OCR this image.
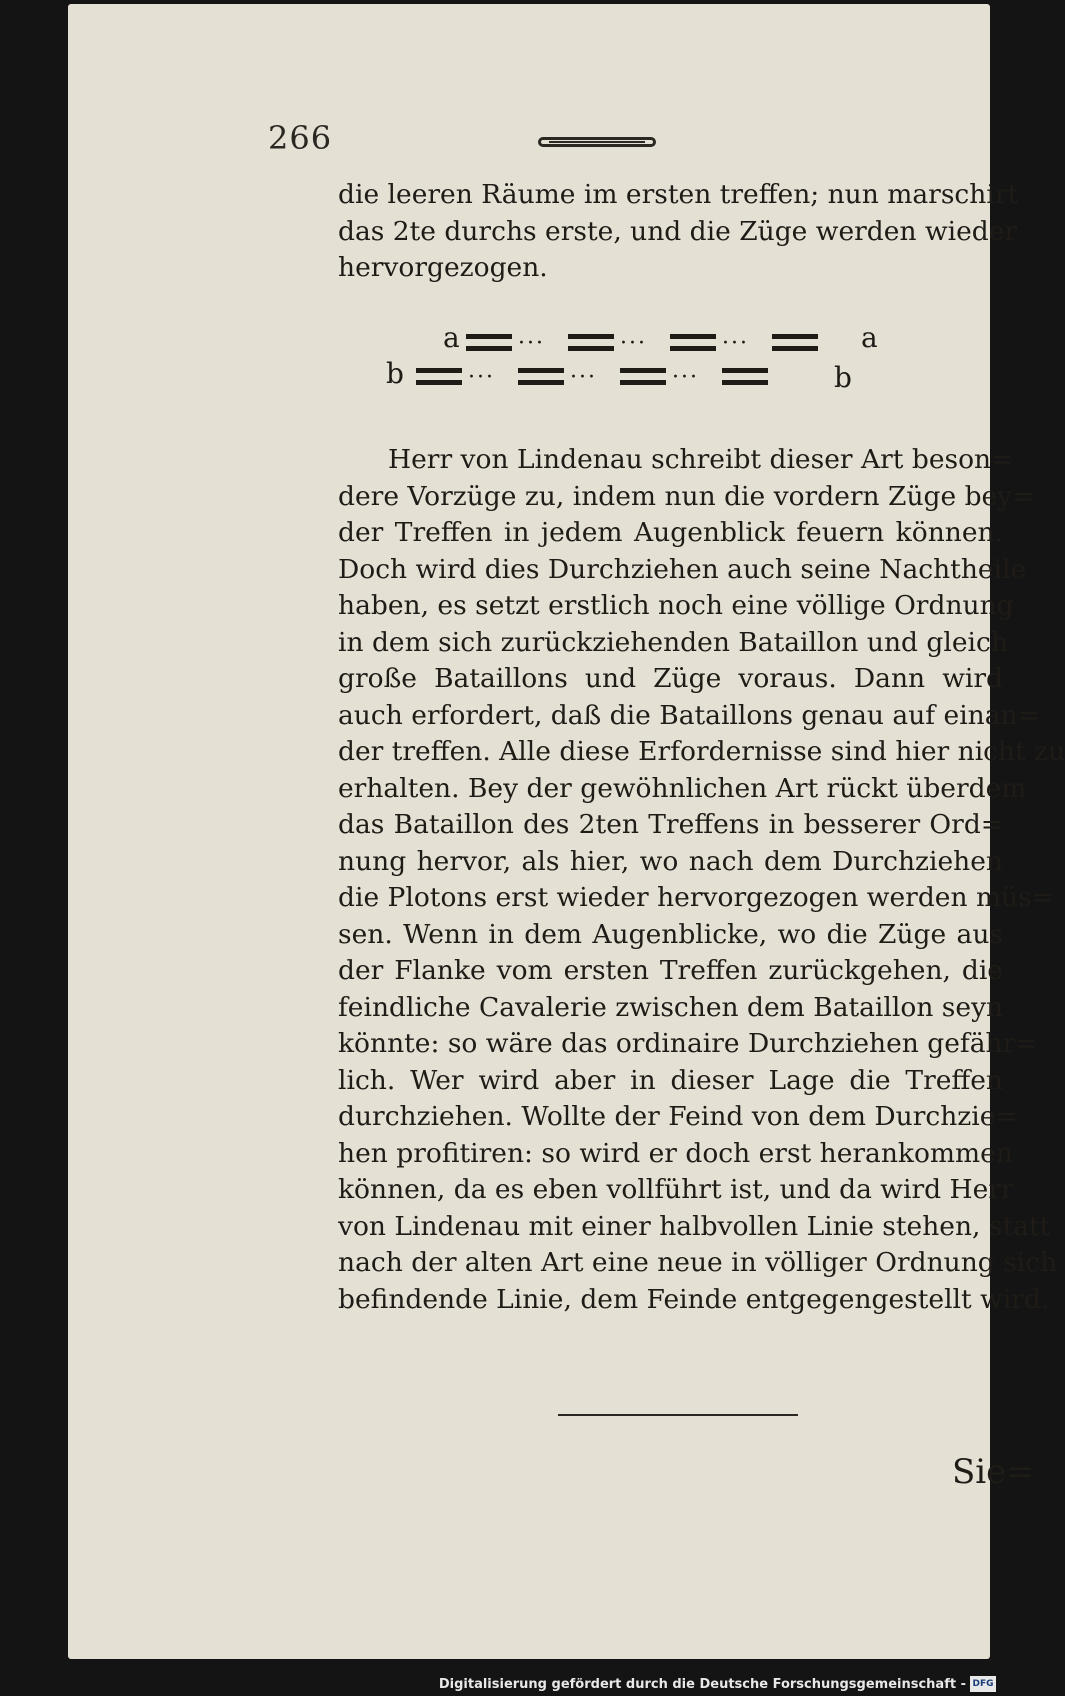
266
die leeren Räume im ersten treffen; nun marschirt
das 2te durchs erste, und die Züge werden wieder
hervorgezogen.
a	···	···	···	a
b	···	···	···	b
Herr von Lindenau schreibt dieser Art beson=
dere Vorzüge zu, indem nun die vordern Züge bey=
der Treffen in jedem Augenblick feuern können.
Doch wird dies Durchziehen auch seine Nachtheile
haben, es setzt erstlich noch eine völlige Ordnung
in dem sich zurückziehenden Bataillon und gleich
große Bataillons und Züge voraus. Dann wird
auch erfordert, daß die Bataillons genau auf einan=
der treffen. Alle diese Erfordernisse sind hier nicht zu
erhalten. Bey der gewöhnlichen Art rückt überdem
das Bataillon des 2ten Treffens in besserer Ord=
nung hervor, als hier, wo nach dem Durchziehen
die Plotons erst wieder hervorgezogen werden müs=
sen. Wenn in dem Augenblicke, wo die Züge aus
der Flanke vom ersten Treffen zurückgehen, die
feindliche Cavalerie zwischen dem Bataillon seyn
könnte: so wäre das ordinaire Durchziehen gefähr=
lich. Wer wird aber in dieser Lage die Treffen
durchziehen. Wollte der Feind von dem Durchzie=
hen profitiren: so wird er doch erst herankommen
können, da es eben vollführt ist, und da wird Herr
von Lindenau mit einer halbvollen Linie stehen, statt
nach der alten Art eine neue in völliger Ordnung sich
befindende Linie, dem Feinde entgegengestellt wird.
Sie=
Digitalisierung gefördert durch die Deutsche Forschungsgemeinschaft - DFG
